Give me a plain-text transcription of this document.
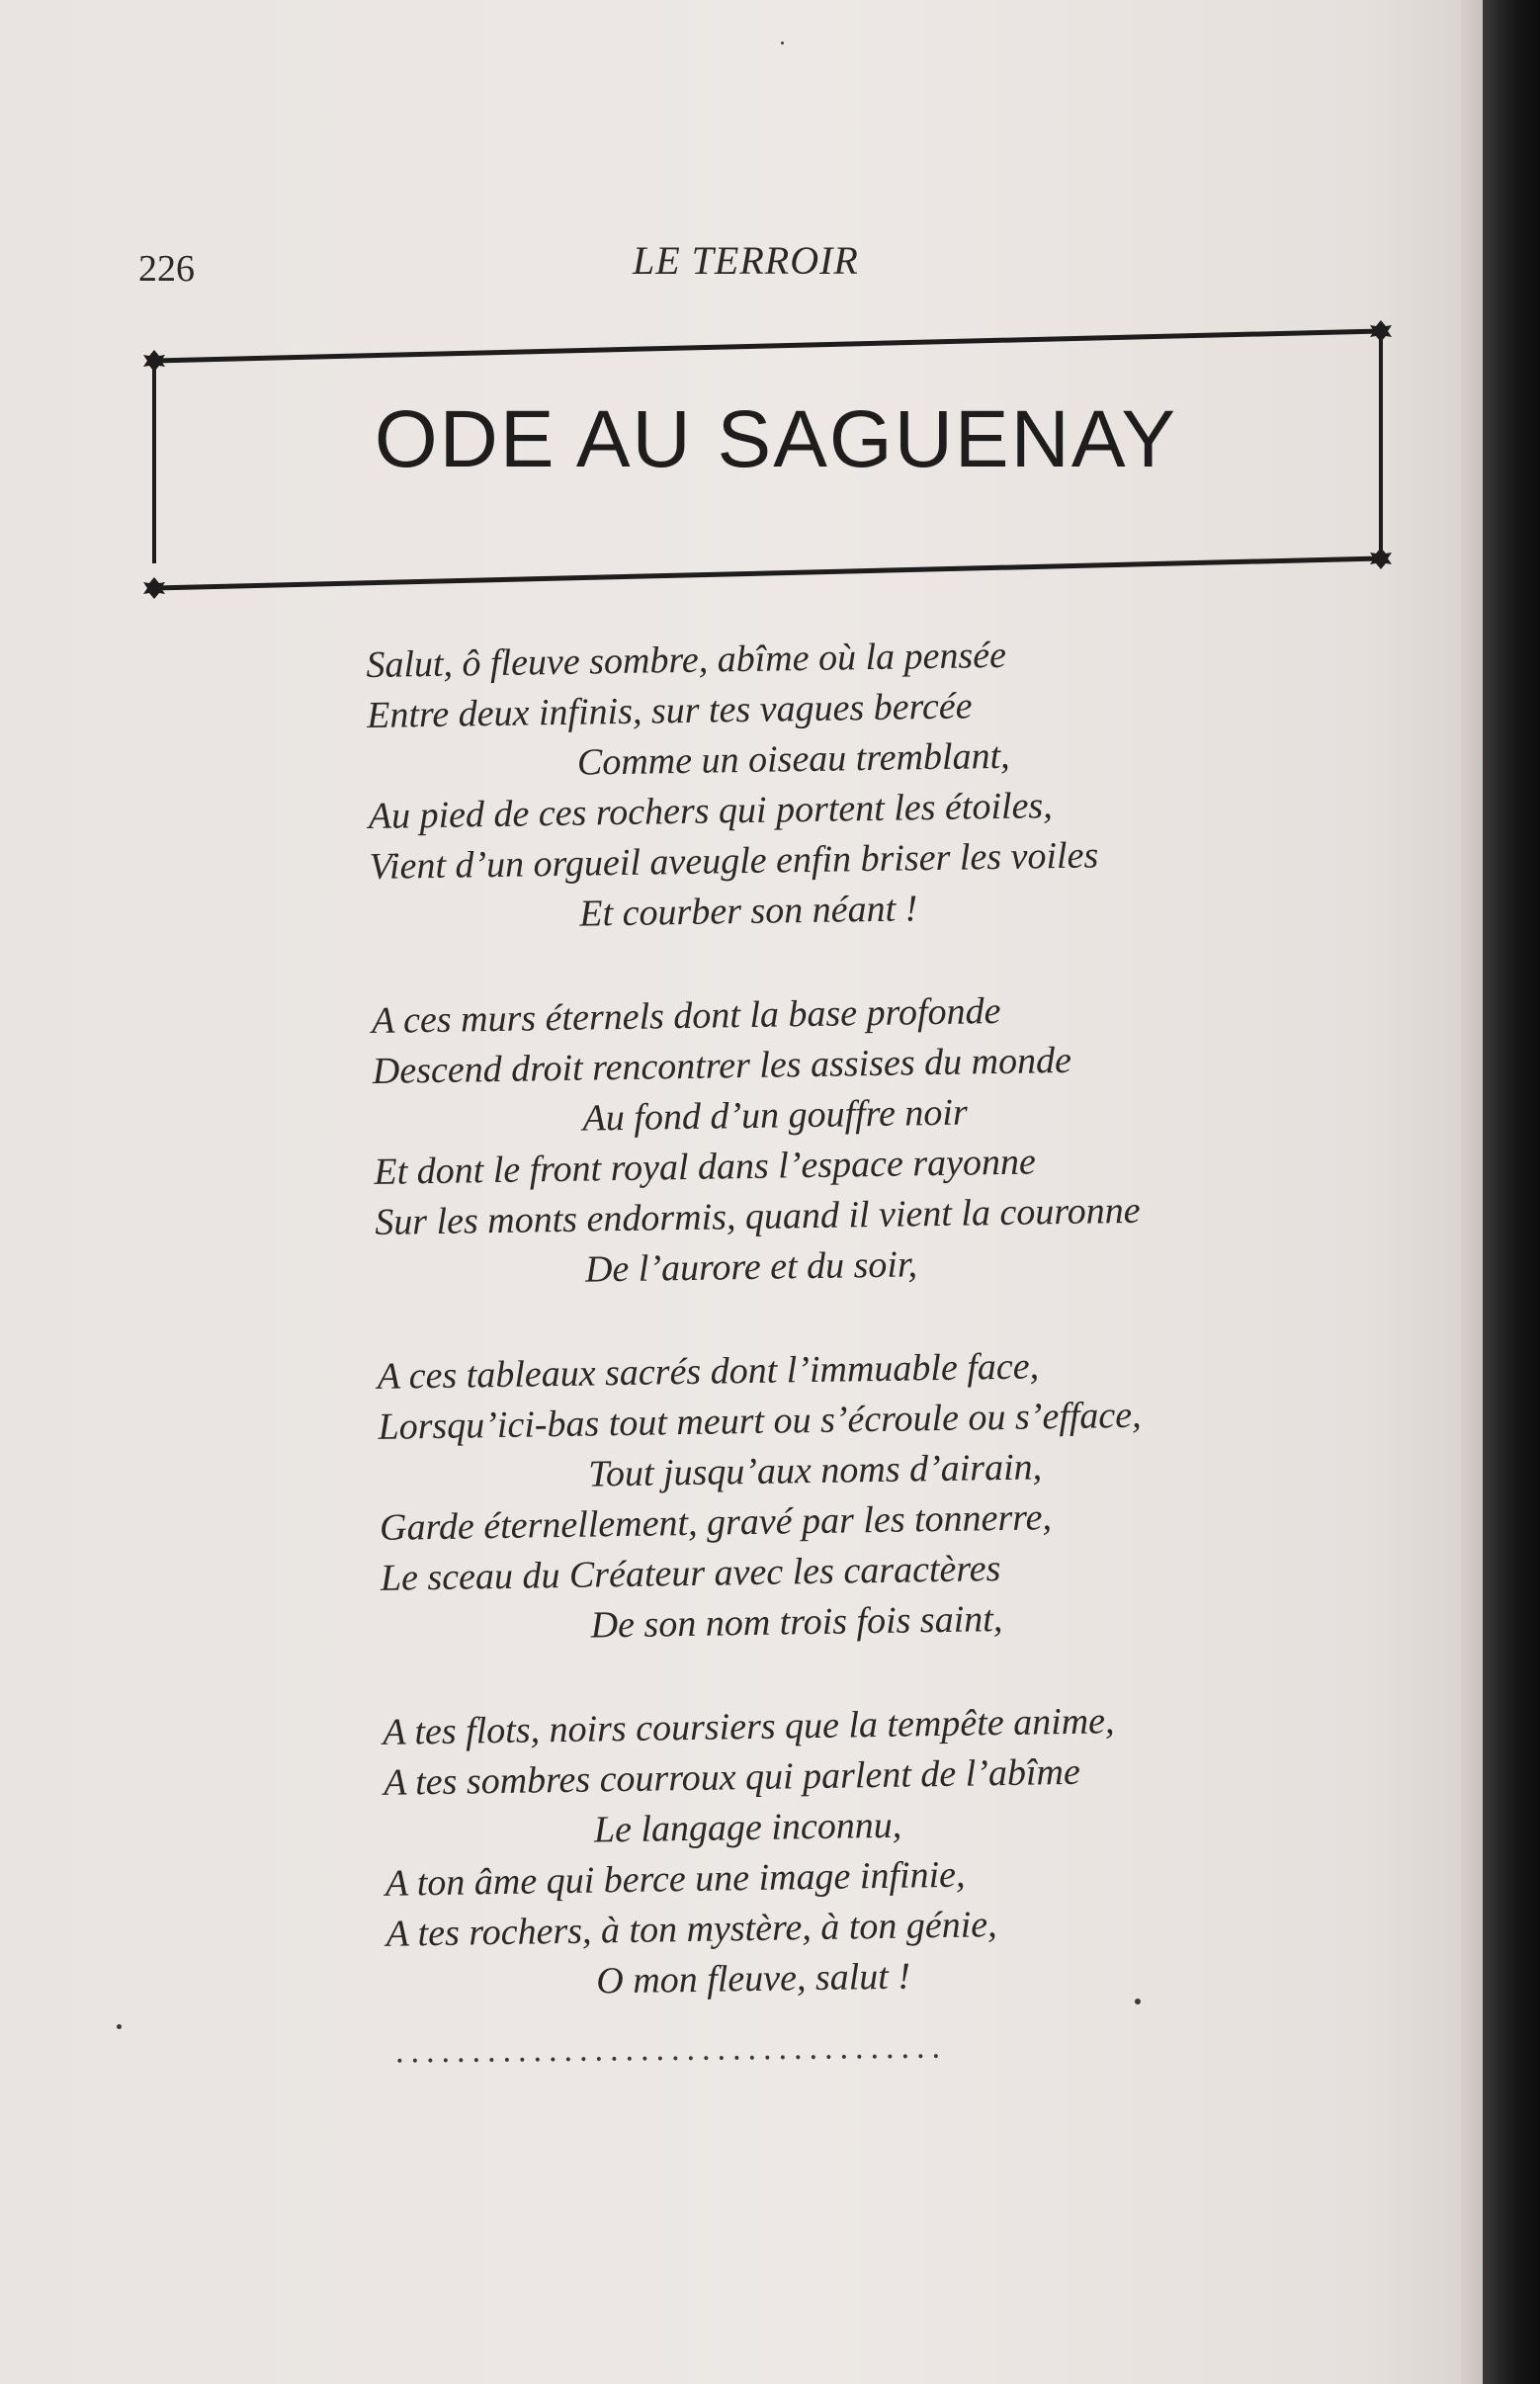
226	LE TERROIR
ODE AU SAGUENAY
Salut, ô fleuve sombre, abîme où la pensée
Entre deux infinis, sur tes vagues bercée
Comme un oiseau tremblant,
Au pied de ces rochers qui portent les étoiles,
Vient d’un orgueil aveugle enfin briser les voiles
Et courber son néant !
A ces murs éternels dont la base profonde
Descend droit rencontrer les assises du monde
Au fond d’un gouffre noir
Et dont le front royal dans l’espace rayonne
Sur les monts endormis, quand il vient la couronne
De l’aurore et du soir,
A ces tableaux sacrés dont l’immuable face,
Lorsqu’ici-bas tout meurt ou s’écroule ou s’efface,
Tout jusqu’aux noms d’airain,
Garde éternellement, gravé par les tonnerre,
Le sceau du Créateur avec les caractères
De son nom trois fois saint,
A tes flots, noirs coursiers que la tempête anime,
A tes sombres courroux qui parlent de l’abîme
Le langage inconnu,
A ton âme qui berce une image infinie,
A tes rochers, à ton mystère, à ton génie,
O mon fleuve, salut !
....................................
